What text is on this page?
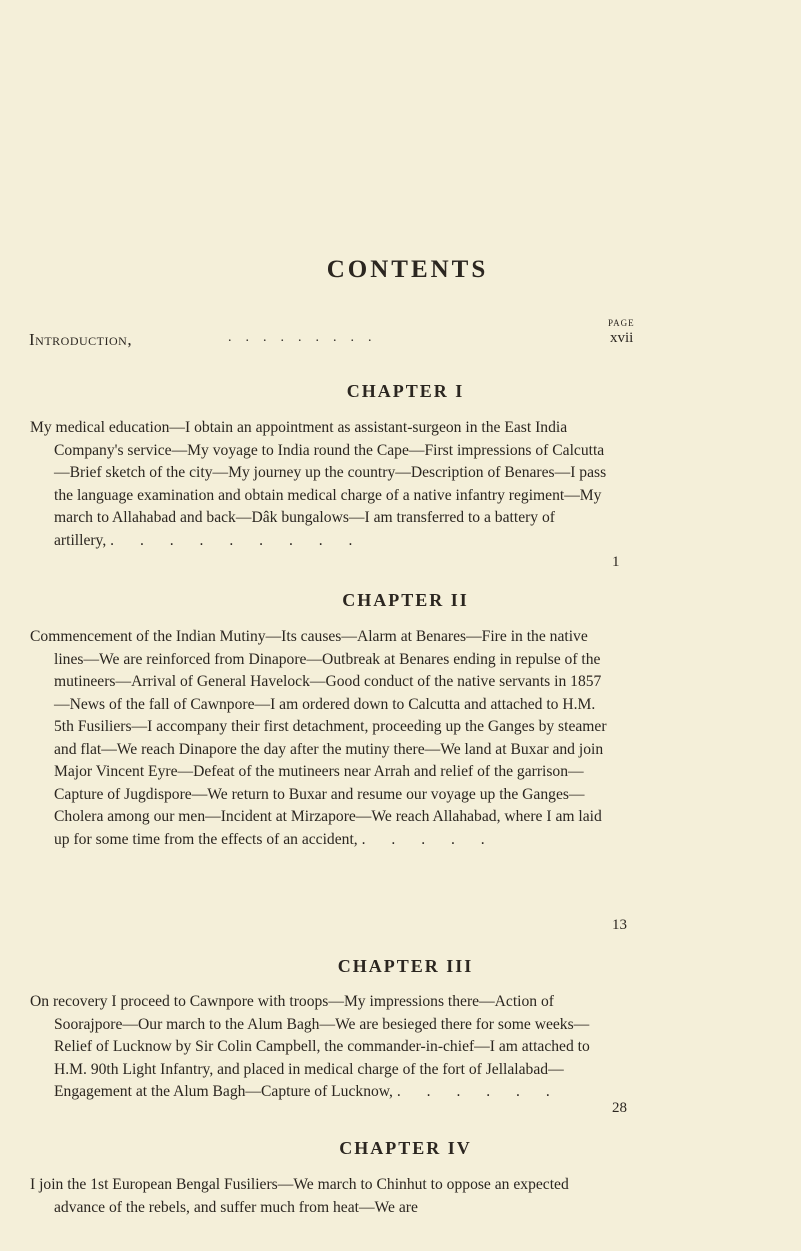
CONTENTS
PAGE
Introduction,	.    .    .    .    .    .    .    .    .	xvii
CHAPTER I

My medical education—I obtain an appointment as assistant-surgeon in the East India Company's service—My voyage to India round the Cape—First impressions of Calcutta—Brief sketch of the city—My journey up the country—Description of Benares—I pass the language examination and obtain medical charge of a native infantry regiment—My march to Allahabad and back—Dâk bungalows—I am transferred to a battery of artillery, . . . . . . . . .

1
CHAPTER II

Commencement of the Indian Mutiny—Its causes—Alarm at Benares—Fire in the native lines—We are reinforced from Dinapore—Outbreak at Benares ending in repulse of the mutineers—Arrival of General Havelock—Good conduct of the native servants in 1857—News of the fall of Cawnpore—I am ordered down to Calcutta and attached to H.M. 5th Fusiliers—I accompany their first detachment, proceeding up the Ganges by steamer and flat—We reach Dinapore the day after the mutiny there—We land at Buxar and join Major Vincent Eyre—Defeat of the mutineers near Arrah and relief of the garrison—Capture of Jugdispore—We return to Buxar and resume our voyage up the Ganges—Cholera among our men—Incident at Mirzapore—We reach Allahabad, where I am laid up for some time from the effects of an accident, . . . . .

13
CHAPTER III

On recovery I proceed to Cawnpore with troops—My impressions there—Action of Soorajpore—Our march to the Alum Bagh—We are besieged there for some weeks—Relief of Lucknow by Sir Colin Campbell, the commander-in-chief—I am attached to H.M. 90th Light Infantry, and placed in medical charge of the fort of Jellalabad—Engagement at the Alum Bagh—Capture of Lucknow, . . . . . .

28
CHAPTER IV

I join the 1st European Bengal Fusiliers—We march to Chinhut to oppose an expected advance of the rebels, and suffer much from heat—We are
